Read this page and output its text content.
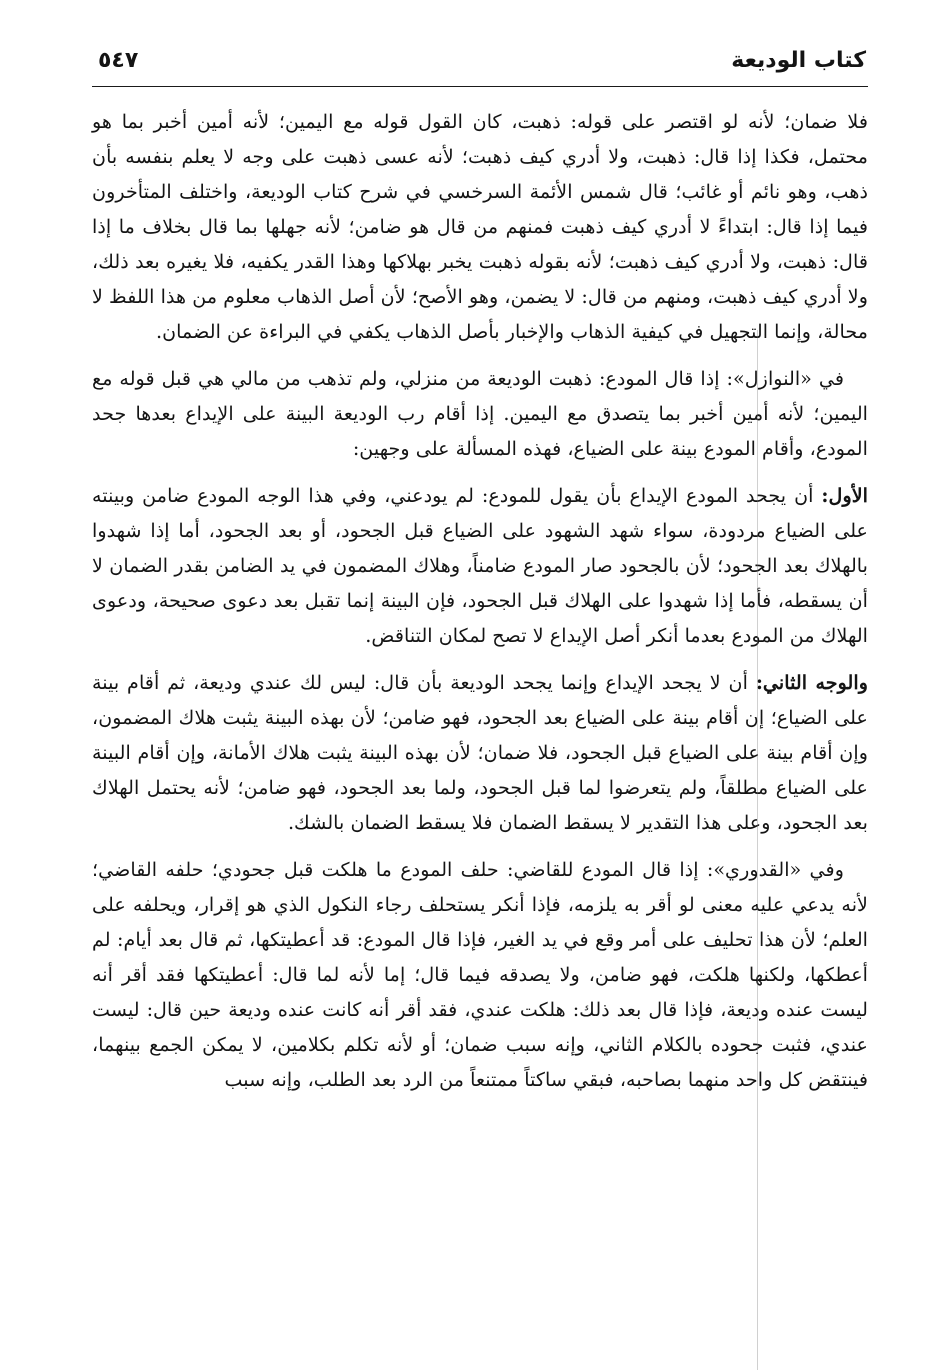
كتاب الوديعة
٥٤٧

فلا ضمان؛ لأنه لو اقتصر على قوله: ذهبت، كان القول قوله مع اليمين؛ لأنه أمين أخبر بما هو محتمل، فكذا إذا قال: ذهبت، ولا أدري كيف ذهبت؛ لأنه عسى ذهبت على وجه لا يعلم بنفسه بأن ذهب، وهو نائم أو غائب؛ قال شمس الأئمة السرخسي في شرح كتاب الوديعة، واختلف المتأخرون فيما إذا قال: ابتداءً لا أدري كيف ذهبت فمنهم من قال هو ضامن؛ لأنه جهلها بما قال بخلاف ما إذا قال: ذهبت، ولا أدري كيف ذهبت؛ لأنه بقوله ذهبت يخبر بهلاكها وهذا القدر يكفيه، فلا يغيره بعد ذلك، ولا أدري كيف ذهبت، ومنهم من قال: لا يضمن، وهو الأصح؛ لأن أصل الذهاب معلوم من هذا اللفظ لا محالة، وإنما التجهيل في كيفية الذهاب والإخبار بأصل الذهاب يكفي في البراءة عن الضمان.

في «النوازل»: إذا قال المودع: ذهبت الوديعة من منزلي، ولم تذهب من مالي هي قبل قوله مع اليمين؛ لأنه أمين أخبر بما يتصدق مع اليمين. إذا أقام رب الوديعة البينة على الإيداع بعدها جحد المودع، وأقام المودع بينة على الضياع، فهذه المسألة على وجهين:

الأول: أن يجحد المودع الإيداع بأن يقول للمودع: لم يودعني، وفي هذا الوجه المودع ضامن وبينته على الضياع مردودة، سواء شهد الشهود على الضياع قبل الجحود، أو بعد الجحود، أما إذا شهدوا بالهلاك بعد الجحود؛ لأن بالجحود صار المودع ضامناً، وهلاك المضمون في يد الضامن بقدر الضمان لا أن يسقطه، فأما إذا شهدوا على الهلاك قبل الجحود، فإن البينة إنما تقبل بعد دعوى صحيحة، ودعوى الهلاك من المودع بعدما أنكر أصل الإيداع لا تصح لمكان التناقض.

والوجه الثاني: أن لا يجحد الإيداع وإنما يجحد الوديعة بأن قال: ليس لك عندي وديعة، ثم أقام بينة على الضياع؛ إن أقام بينة على الضياع بعد الجحود، فهو ضامن؛ لأن بهذه البينة يثبت هلاك المضمون، وإن أقام بينة على الضياع قبل الجحود، فلا ضمان؛ لأن بهذه البينة يثبت هلاك الأمانة، وإن أقام البينة على الضياع مطلقاً، ولم يتعرضوا لما قبل الجحود، ولما بعد الجحود، فهو ضامن؛ لأنه يحتمل الهلاك بعد الجحود، وعلى هذا التقدير لا يسقط الضمان فلا يسقط الضمان بالشك.

وفي «القدوري»: إذا قال المودع للقاضي: حلف المودع ما هلكت قبل جحودي؛ حلفه القاضي؛ لأنه يدعي عليه معنى لو أقر به يلزمه، فإذا أنكر يستحلف رجاء النكول الذي هو إقرار، ويحلفه على العلم؛ لأن هذا تحليف على أمر وقع في يد الغير، فإذا قال المودع: قد أعطيتكها، ثم قال بعد أيام: لم أعطكها، ولكنها هلكت، فهو ضامن، ولا يصدقه فيما قال؛ إما لأنه لما قال: أعطيتكها فقد أقر أنه ليست عنده وديعة، فإذا قال بعد ذلك: هلكت عندي، فقد أقر أنه كانت عنده وديعة حين قال: ليست عندي، فثبت جحوده بالكلام الثاني، وإنه سبب ضمان؛ أو لأنه تكلم بكلامين، لا يمكن الجمع بينهما، فينتقض كل واحد منهما بصاحبه، فبقي ساكتاً ممتنعاً من الرد بعد الطلب، وإنه سبب
